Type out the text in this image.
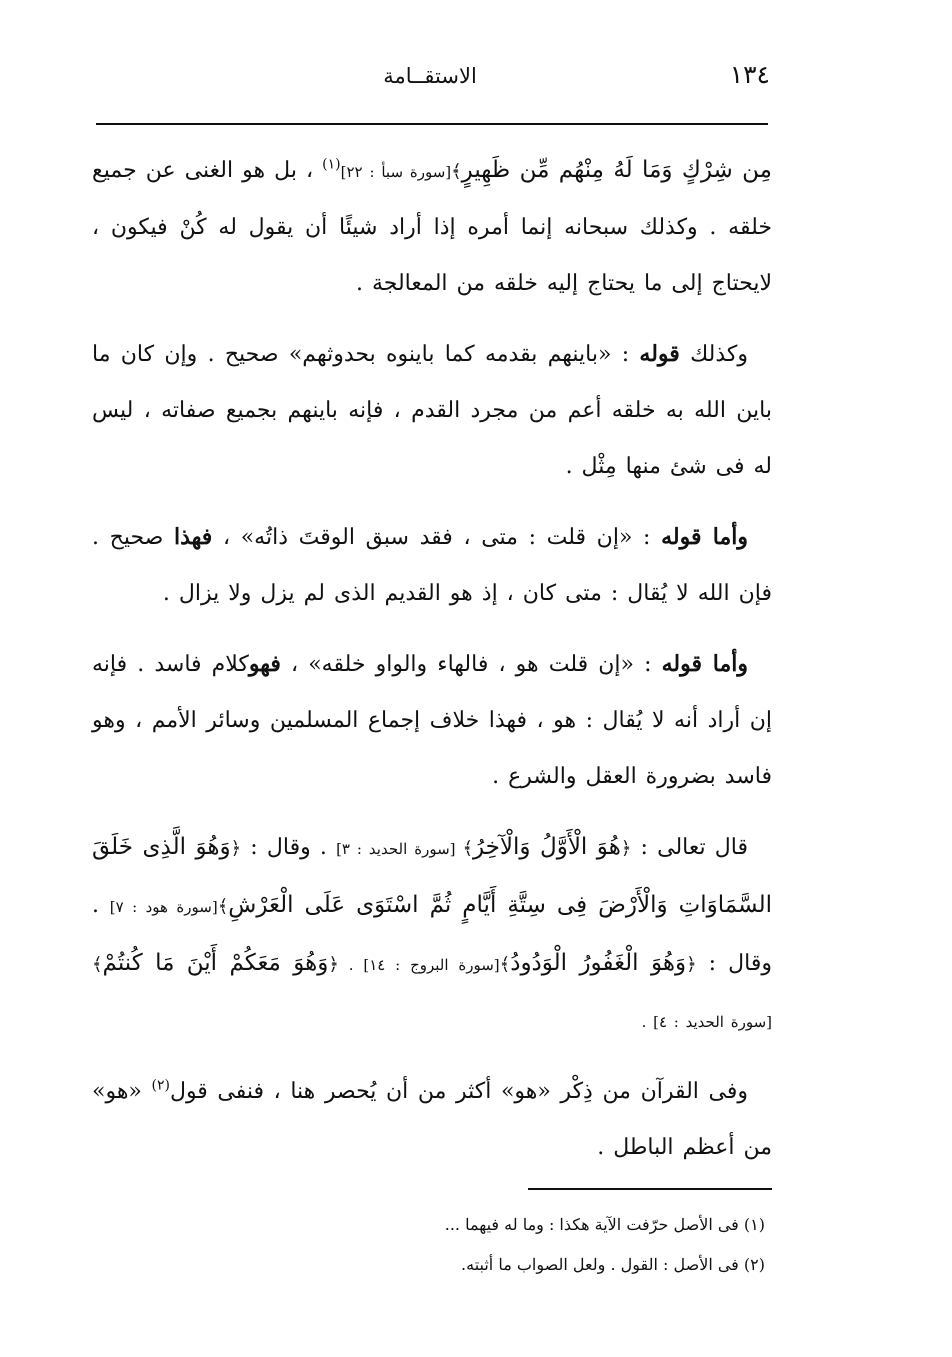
الاستقــامة	١٣٤

مِن شِرْكٍ وَمَا لَهُ مِنْهُم مِّن ظَهِيرٍ﴾[سورة سبأ : ٢٢]$^{(١)}$ ، بل هو الغنى عن جميع خلقه . وكذلك سبحانه إنما أمره إذا أراد شيئًا أن يقول له كُنْ فيكون ، لايحتاج إلى ما يحتاج إليه خلقه من المعالجة .

وكذلك قوله : «باينهم بقدمه كما باينوه بحدوثهم» صحيح . وإن كان ما باين الله به خلقه أعم من مجرد القدم ، فإنه باينهم بجميع صفاته ، ليس له فى شئ منها مِثْل .

وأما قوله : «إن قلت : متى ، فقد سبق الوقتَ ذاتُه» ، فهذا صحيح . فإن الله لا يُقال : متى كان ، إذ هو القديم الذى لم يزل ولا يزال .

وأما قوله : «إن قلت هو ، فالهاء والواو خلقه» ، فهوكلام فاسد . فإنه إن أراد أنه لا يُقال : هو ، فهذا خلاف إجماع المسلمين وسائر الأمم ، وهو فاسد بضرورة العقل والشرع .

قال تعالى : ﴿هُوَ الْأَوَّلُ وَالْآخِرُ﴾ [سورة الحديد : ٣] . وقال : ﴿وَهُوَ الَّذِى خَلَقَ السَّمَاوَاتِ وَالْأَرْضَ فِى سِتَّةِ أَيَّامٍ ثُمَّ اسْتَوَى عَلَى الْعَرْشِ﴾[سورة هود : ٧] . وقال : ﴿وَهُوَ الْغَفُورُ الْوَدُودُ﴾[سورة البروج : ١٤] . ﴿وَهُوَ مَعَكُمْ أَيْنَ مَا كُنتُمْ﴾[سورة الحديد : ٤] .

وفى القرآن من ذِكْر «هو» أكثر من أن يُحصر هنا ، فنفى قول$^{(٢)}$ «هو» من أعظم الباطل .

(١) فى الأصل حرّفت الآية هكذا : وما له فيهما ...
(٢) فى الأصل : القول . ولعل الصواب ما أثبته.
